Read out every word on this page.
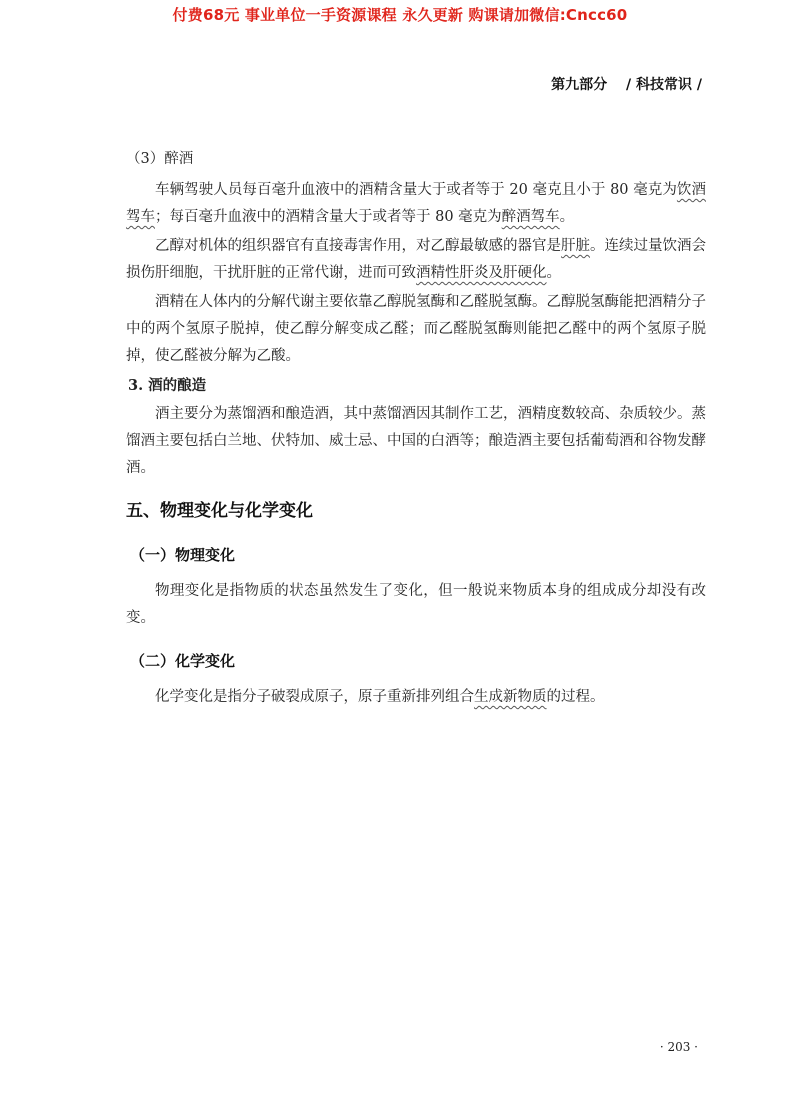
付费68元 事业单位一手资源课程 永久更新 购课请加微信:Cncc60
第九部分 / 科技常识 /

（3）醉酒

车辆驾驶人员每百毫升血液中的酒精含量大于或者等于 20 毫克且小于 80 毫克为饮酒驾车；每百毫升血液中的酒精含量大于或者等于 80 毫克为醉酒驾车。

乙醇对机体的组织器官有直接毒害作用，对乙醇最敏感的器官是肝脏。连续过量饮酒会损伤肝细胞，干扰肝脏的正常代谢，进而可致酒精性肝炎及肝硬化。

酒精在人体内的分解代谢主要依靠乙醇脱氢酶和乙醛脱氢酶。乙醇脱氢酶能把酒精分子中的两个氢原子脱掉，使乙醇分解变成乙醛；而乙醛脱氢酶则能把乙醛中的两个氢原子脱掉，使乙醛被分解为乙酸。

3. 酒的酿造

酒主要分为蒸馏酒和酿造酒，其中蒸馏酒因其制作工艺，酒精度数较高、杂质较少。蒸馏酒主要包括白兰地、伏特加、威士忌、中国的白酒等；酿造酒主要包括葡萄酒和谷物发酵酒。

五、物理变化与化学变化
（一）物理变化

物理变化是指物质的状态虽然发生了变化，但一般说来物质本身的组成成分却没有改变。

（二）化学变化

化学变化是指分子破裂成原子，原子重新排列组合生成新物质的过程。

· 203 ·
